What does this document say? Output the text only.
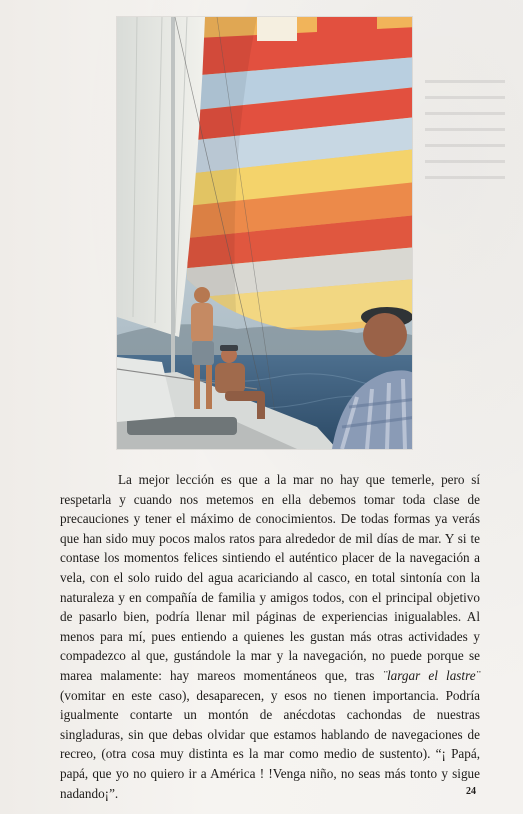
La mejor lección es que a la mar no hay que temerle, pero sí respetarla y cuando nos metemos en ella debemos tomar toda clase de precauciones y tener el máximo de conocimientos. De todas formas ya verás que han sido muy pocos malos ratos para alrededor de mil días de mar. Y si te contase los momentos felices sintiendo el auténtico placer de la navegación a vela, con el solo ruido del agua acariciando al casco, en total sintonía con la naturaleza y en compañía de familia y amigos todos, con el principal objetivo de pasarlo bien, podría llenar mil páginas de experiencias inigualables. Al menos para mí, pues entiendo a quienes les gustan más otras actividades y compadezco al que, gustándole la mar y la navegación, no puede porque se marea malamente: hay mareos momentáneos que, tras ¨largar el lastre¨ (vomitar en este caso), desaparecen, y esos no tienen importancia. Podría igualmente contarte un montón de anécdotas cachondas de nuestras singladuras, sin que debas olvidar que estamos hablando de navegaciones de recreo, (otra cosa muy distinta es la mar como medio de sustento). “¡ Papá, papá, que yo no quiero ir a América ! !Venga niño, no seas más tonto y sigue nadando¡”.	24
